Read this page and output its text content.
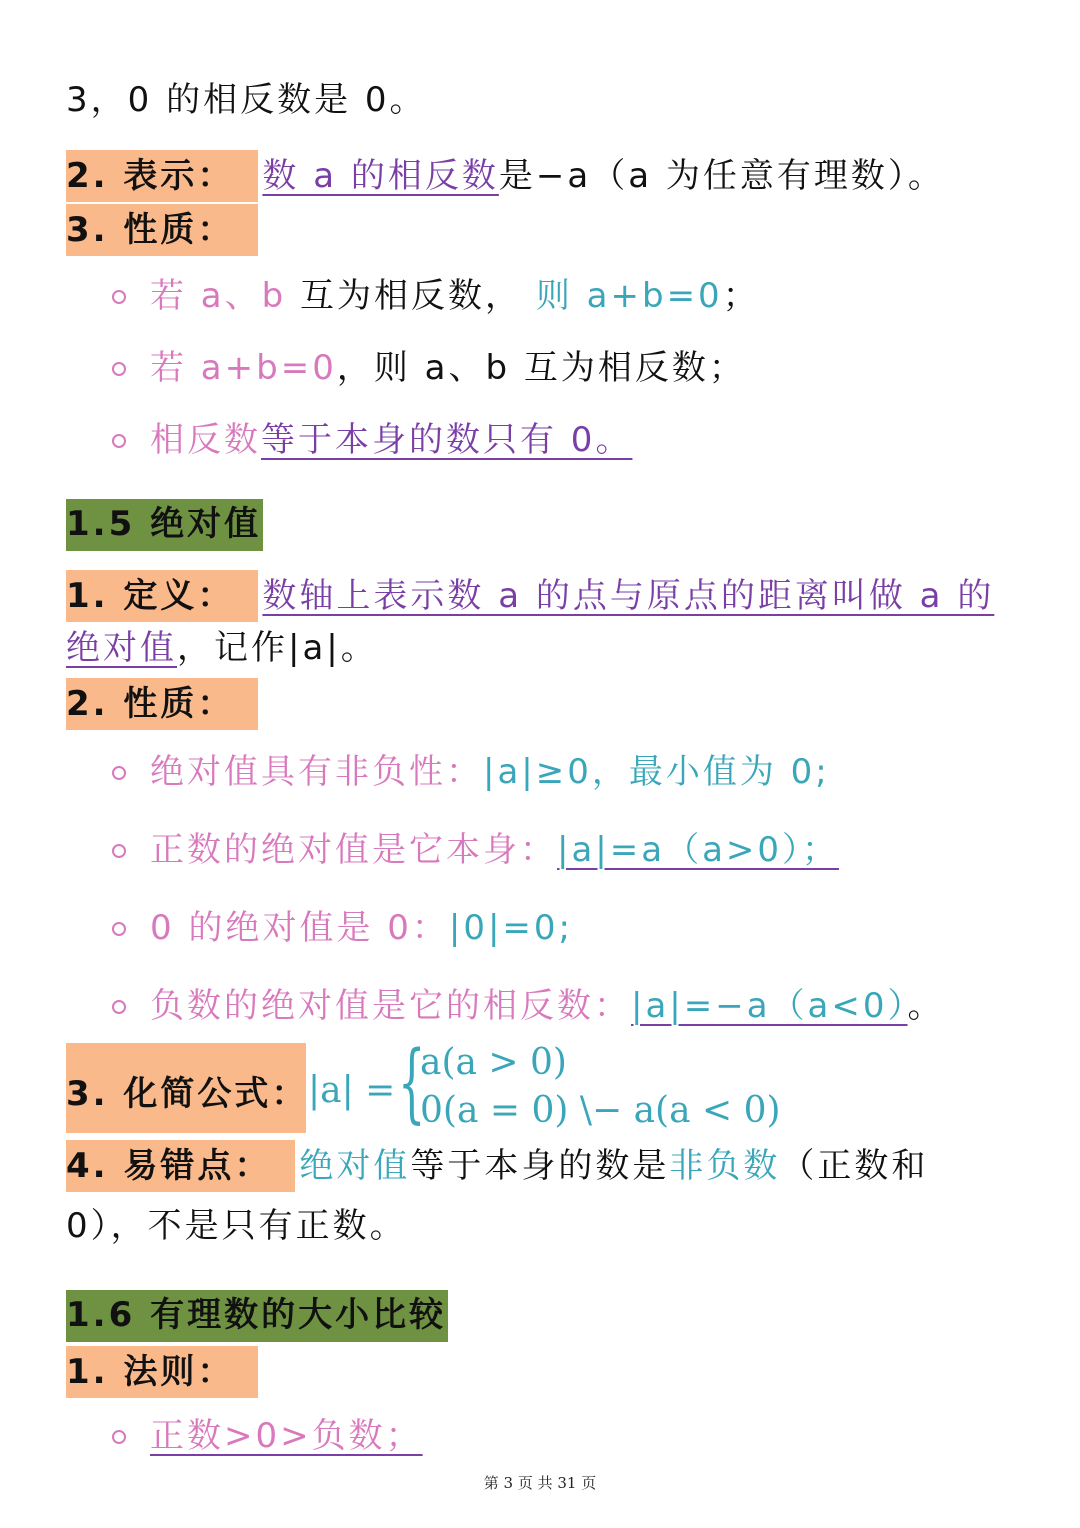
3，0 的相反数是 0。
2. 表示： 数 a 的相反数是−a（a 为任意有理数）。
3. 性质：
若 a、b 互为相反数， 则 a+b=0；
若 a+b=0，则 a、b 互为相反数；
相反数等于本身的数只有 0。
1.5 绝对值
1. 定义： 数轴上表示数 a 的点与原点的距离叫做 a 的
绝对值，记作|a|。
2. 性质：
绝对值具有非负性：|a|≥0，最小值为 0;
正数的绝对值是它本身：|a|=a（a>0）；
0 的绝对值是 0：|0|=0;
负数的绝对值是它的相反数：|a|=−a（a<0）。
3. 化简公式： |a| = {
a(a > 0)
0(a = 0) \− a(a < 0)
4. 易错点： 绝对值等于本身的数是非负数（正数和
0），不是只有正数。
1.6 有理数的大小比较
1. 法则：
正数>0>负数；
第 3 页 共 31 页
